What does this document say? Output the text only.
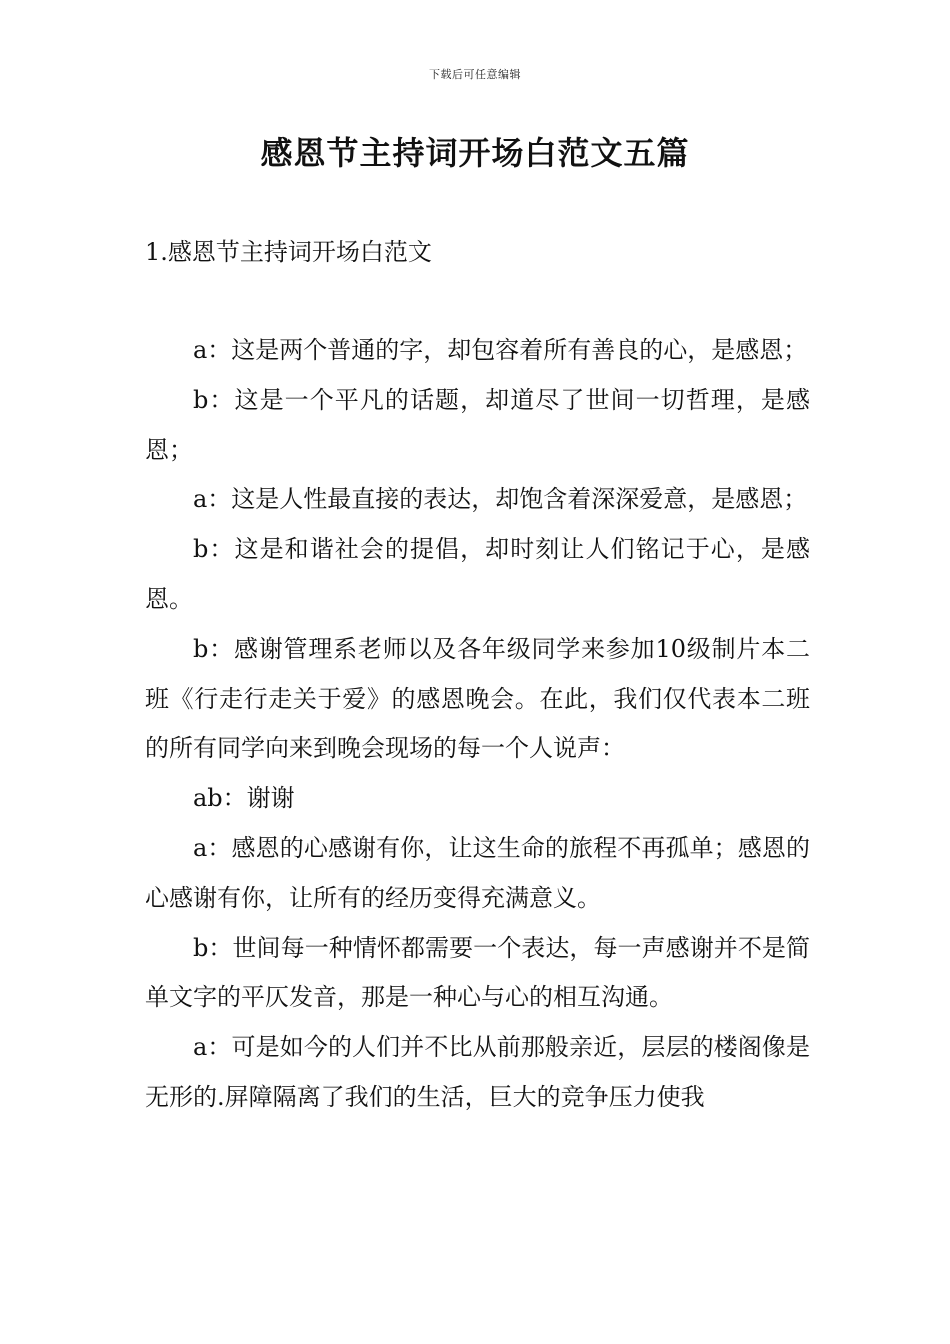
下载后可任意编辑
感恩节主持词开场白范文五篇
1.感恩节主持词开场白范文

a：这是两个普通的字，却包容着所有善良的心，是感恩；

b：这是一个平凡的话题，却道尽了世间一切哲理，是感恩；

a：这是人性最直接的表达，却饱含着深深爱意，是感恩；

b：这是和谐社会的提倡，却时刻让人们铭记于心，是感恩。

b：感谢管理系老师以及各年级同学来参加10级制片本二班《行走行走关于爱》的感恩晚会。在此，我们仅代表本二班的所有同学向来到晚会现场的每一个人说声：

ab：谢谢

a：感恩的心感谢有你，让这生命的旅程不再孤单；感恩的心感谢有你，让所有的经历变得充满意义。

b：世间每一种情怀都需要一个表达，每一声感谢并不是简单文字的平仄发音，那是一种心与心的相互沟通。

a：可是如今的人们并不比从前那般亲近，层层的楼阁像是无形的.屏障隔离了我们的生活，巨大的竞争压力使我
